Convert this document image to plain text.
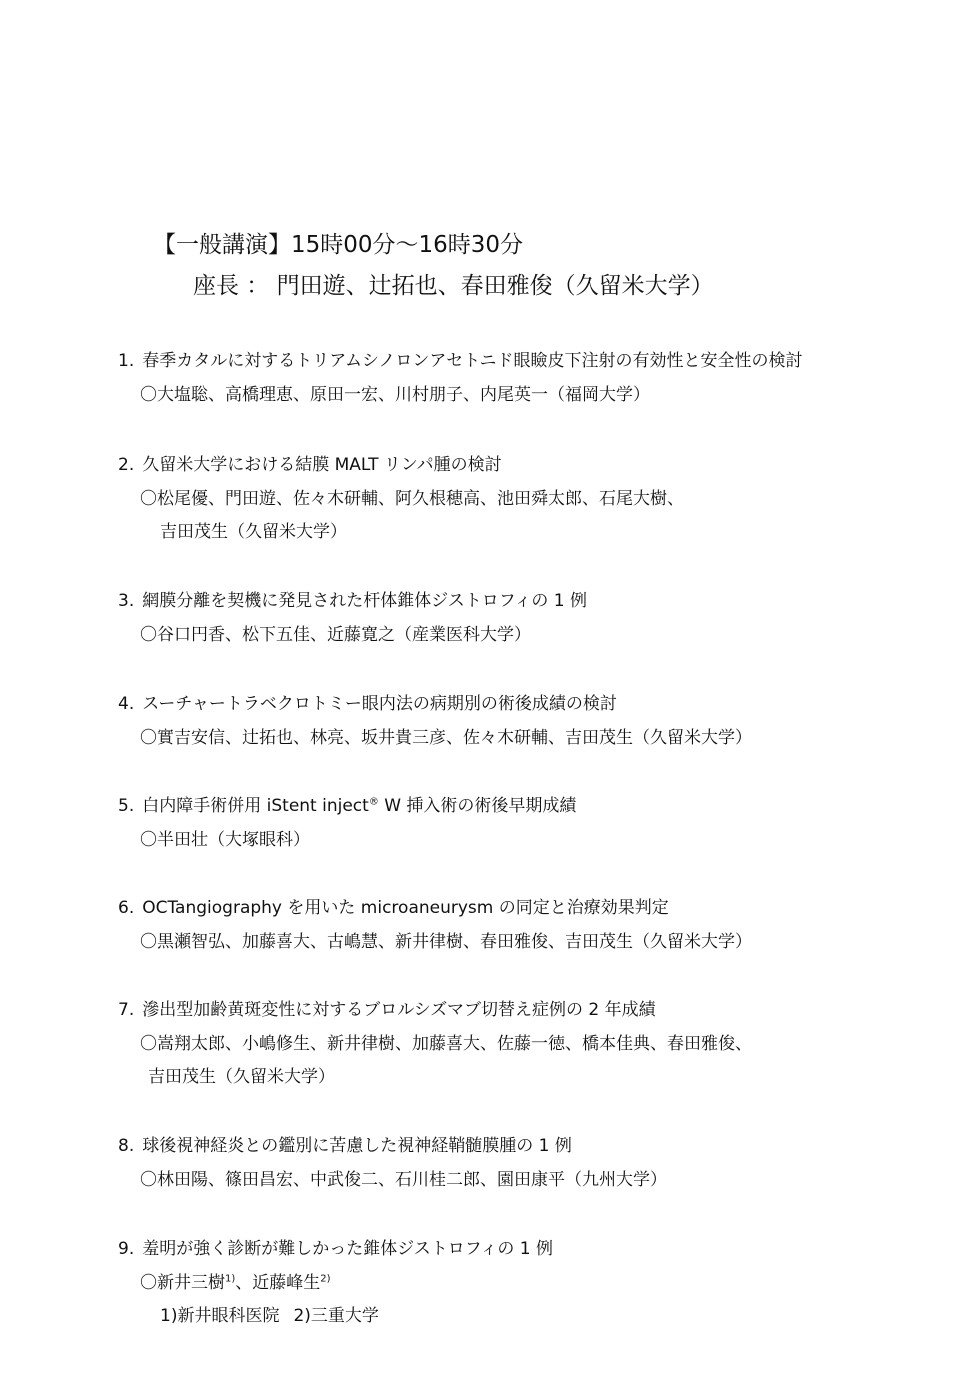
【一般講演】15時00分～16時30分
座長 ： 門田遊、辻拓也、春田雅俊（久留米大学）
1. 春季カタルに対するトリアムシノロンアセトニド眼瞼皮下注射の有効性と安全性の検討
〇大塩聡、高橋理恵、原田一宏、川村朋子、内尾英一（福岡大学）
2. 久留米大学における結膜 MALT リンパ腫の検討
〇松尾優、門田遊、佐々木研輔、阿久根穂高、池田舜太郎、石尾大樹、
吉田茂生（久留米大学）
3. 網膜分離を契機に発見された杆体錐体ジストロフィの 1 例
〇谷口円香、松下五佳、近藤寛之（産業医科大学）
4. スーチャートラベクロトミー眼内法の病期別の術後成績の検討
〇實吉安信、辻拓也、林亮、坂井貴三彦、佐々木研輔、吉田茂生（久留米大学）
5. 白内障手術併用 iStent inject® W 挿入術の術後早期成績
〇半田壮（大塚眼科）
6. OCTangiography を用いた microaneurysm の同定と治療効果判定
〇黒瀬智弘、加藤喜大、古嶋慧、新井律樹、春田雅俊、吉田茂生（久留米大学）
7. 滲出型加齢黄斑変性に対するブロルシズマブ切替え症例の 2 年成績
〇嵩翔太郎、小嶋修生、新井律樹、加藤喜大、佐藤一徳、橋本佳典、春田雅俊、
吉田茂生（久留米大学）
8. 球後視神経炎との鑑別に苦慮した視神経鞘髄膜腫の 1 例
〇林田陽、篠田昌宏、中武俊二、石川桂二郎、園田康平（九州大学）
9. 羞明が強く診断が難しかった錐体ジストロフィの 1 例
〇新井三樹$^{1)}$、近藤峰生$^{2)}$
1)新井眼科医院 2)三重大学
